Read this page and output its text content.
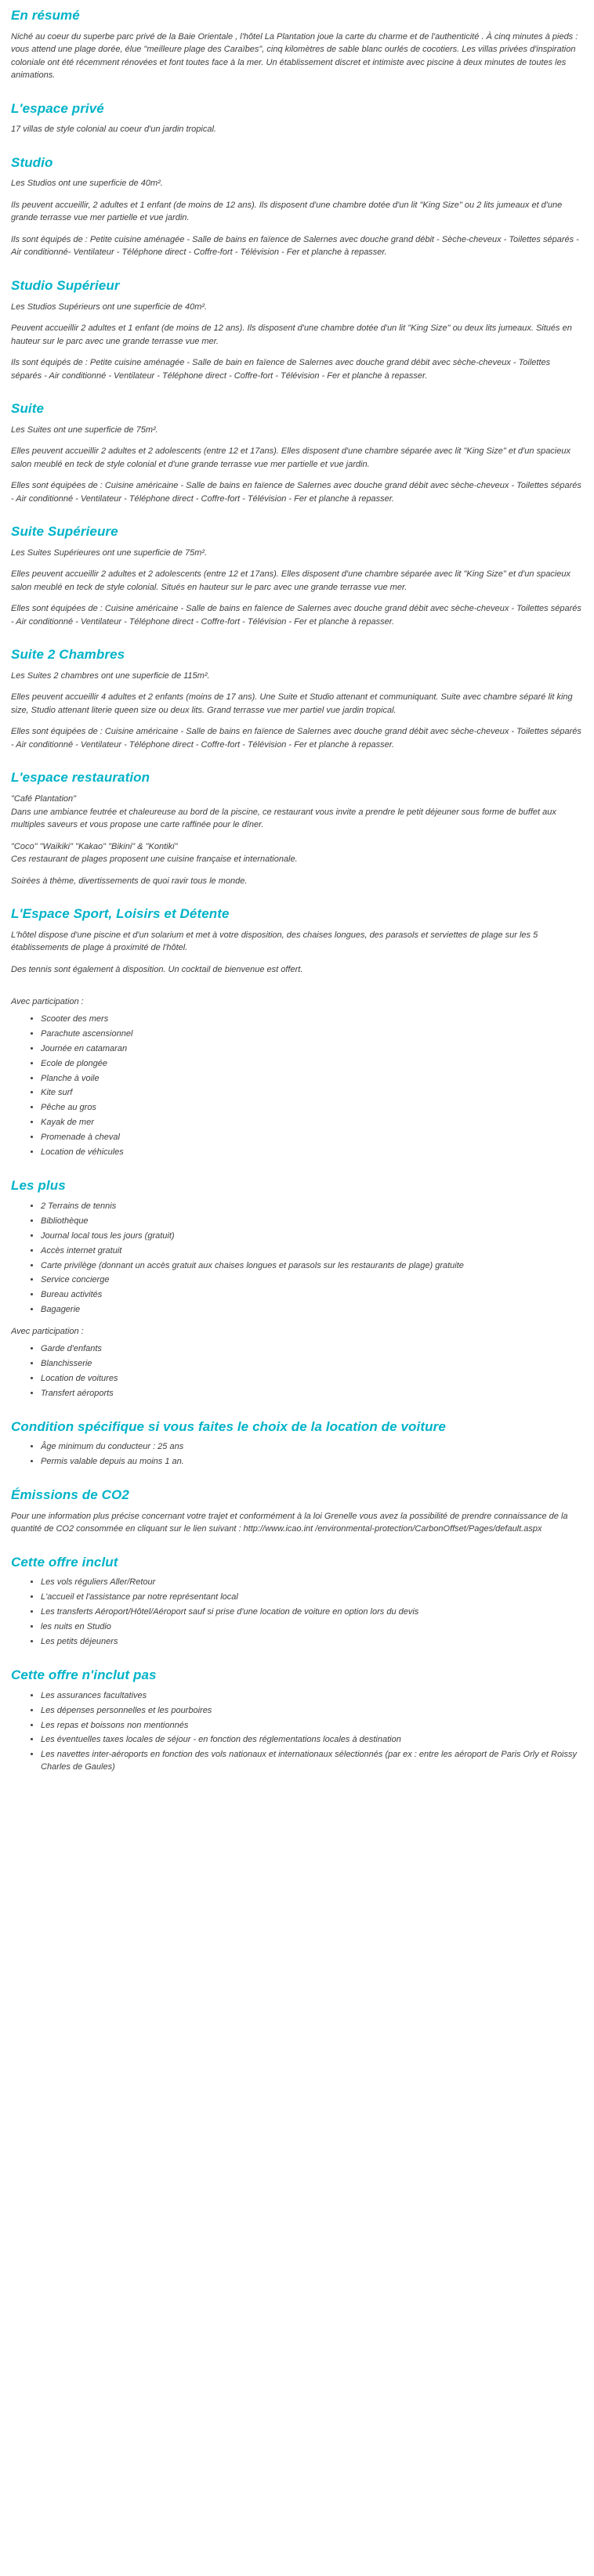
En résumé

Niché au coeur du superbe parc privé de la Baie Orientale , l'hôtel La Plantation joue la carte du charme et de l'authenticité . À cinq minutes à pieds : vous attend une plage dorée, élue "meilleure plage des Caraïbes", cinq kilomètres de sable blanc ourlés de cocotiers. Les villas privées d'inspiration coloniale ont été récemment rénovées et font toutes face à la mer. Un établissement discret et intimiste avec piscine à deux minutes de toutes les animations.

L'espace privé

17 villas de style colonial au coeur d'un jardin tropical.

Studio

Les Studios ont une superficie de 40m².

Ils peuvent accueillir, 2 adultes et 1 enfant (de moins de 12 ans). Ils disposent d'une chambre dotée d'un lit "King Size" ou 2 lits jumeaux et d'une grande terrasse vue mer partielle et vue jardin.

Ils sont équipés de : Petite cuisine aménagée - Salle de bains en faïence de Salernes avec douche grand débit - Sèche-cheveux - Toilettes séparés - Air conditionné- Ventilateur - Téléphone direct - Coffre-fort - Télévision - Fer et planche à repasser.

Studio Supérieur

Les Studios Supérieurs ont une superficie de 40m².

Peuvent accueillir 2 adultes et 1 enfant (de moins de 12 ans). Ils disposent d'une chambre dotée d'un lit "King Size" ou deux lits jumeaux. Situés en hauteur sur le parc avec une grande terrasse vue mer.

Ils sont équipés de : Petite cuisine aménagée - Salle de bain en faïence de Salernes avec douche grand débit avec sèche-cheveux - Toilettes séparés - Air conditionné - Ventilateur - Téléphone direct - Coffre-fort - Télévision - Fer et planche à repasser.

Suite

Les Suites ont une superficie de 75m².

Elles peuvent accueillir 2 adultes et 2 adolescents (entre 12 et 17ans). Elles disposent d'une chambre séparée avec lit "King Size" et d'un spacieux salon meublé en teck de style colonial et d'une grande terrasse vue mer partielle et vue jardin.

Elles sont équipées de : Cuisine américaine - Salle de bains en faïence de Salernes avec douche grand débit avec sèche-cheveux - Toilettes séparés - Air conditionné - Ventilateur - Téléphone direct - Coffre-fort - Télévision - Fer et planche à repasser.

Suite Supérieure

Les Suites Supérieures ont une superficie de 75m².

Elles peuvent accueillir 2 adultes et 2 adolescents (entre 12 et 17ans). Elles disposent d'une chambre séparée avec lit "King Size" et d'un spacieux salon meublé en teck de style colonial. Situés en hauteur sur le parc avec une grande terrasse vue mer.

Elles sont équipées de : Cuisine américaine - Salle de bains en faïence de Salernes avec douche grand débit avec sèche-cheveux - Toilettes séparés - Air conditionné - Ventilateur - Téléphone direct - Coffre-fort - Télévision - Fer et planche à repasser.

Suite 2 Chambres

Les Suites 2 chambres ont une superficie de 115m².

Elles peuvent accueillir 4 adultes et 2 enfants (moins de 17 ans). Une Suite et Studio attenant et communiquant. Suite avec chambre séparé lit king size, Studio attenant literie queen size ou deux lits. Grand terrasse vue mer partiel vue jardin tropical.

Elles sont équipées de : Cuisine américaine - Salle de bains en faïence de Salernes avec douche grand débit avec sèche-cheveux - Toilettes séparés - Air conditionné - Ventilateur - Téléphone direct - Coffre-fort - Télévision - Fer et planche à repasser.

L'espace restauration

"Café Plantation"

Dans une ambiance feutrée et chaleureuse au bord de la piscine, ce restaurant vous invite a prendre le petit déjeuner sous forme de buffet aux multiples saveurs et vous propose une carte raffinée pour le dîner.

"Coco" "Waikiki" "Kakao" "Bikini" & "Kontiki"

Ces restaurant de plages proposent une cuisine française et internationale.

Soirées à thème, divertissements de quoi ravir tous le monde.

L'Espace Sport, Loisirs et Détente

L'hôtel dispose d'une piscine et d'un solarium et met à votre disposition, des chaises longues, des parasols et serviettes de plage sur les 5 établissements de plage à proximité de l'hôtel.

Des tennis sont également à disposition. Un cocktail de bienvenue est offert.

Avec participation :

• Scooter des mers
• Parachute ascensionnel
• Journée en catamaran
• Ecole de plongée
• Planche à voile
• Kite surf
• Pêche au gros
• Kayak de mer
• Promenade à cheval
• Location de véhicules
Les plus
• 2 Terrains de tennis
• Bibliothèque
• Journal local tous les jours (gratuit)
• Accès internet gratuit
• Carte privilège (donnant un accès gratuit aux chaises longues et parasols sur les restaurants de plage) gratuite
• Service concierge
• Bureau activités
• Bagagerie

Avec participation :

• Garde d'enfants
• Blanchisserie
• Location de voitures
• Transfert aéroports
Condition spécifique si vous faites le choix de la location de voiture
• Âge minimum du conducteur : 25 ans
• Permis valable depuis au moins 1 an.
Émissions de CO2

Pour une information plus précise concernant votre trajet et conformément à la loi Grenelle vous avez la possibilité de prendre connaissance de la quantité de CO2 consommée en cliquant sur le lien suivant : http://www.icao.int /environmental-protection/CarbonOffset/Pages/default.aspx

Cette offre inclut
• Les vols réguliers Aller/Retour
• L'accueil et l'assistance par notre représentant local
• Les transferts Aéroport/Hôtel/Aéroport sauf si prise d'une location de voiture en option lors du devis
• les nuits en Studio
• Les petits déjeuners
Cette offre n'inclut pas
• Les assurances facultatives
• Les dépenses personnelles et les pourboires
• Les repas et boissons non mentionnés
• Les éventuelles taxes locales de séjour - en fonction des réglementations locales à destination
• Les navettes inter-aéroports en fonction des vols nationaux et internationaux sélectionnés (par ex : entre les aéroport de Paris Orly et Roissy Charles de Gaules)
